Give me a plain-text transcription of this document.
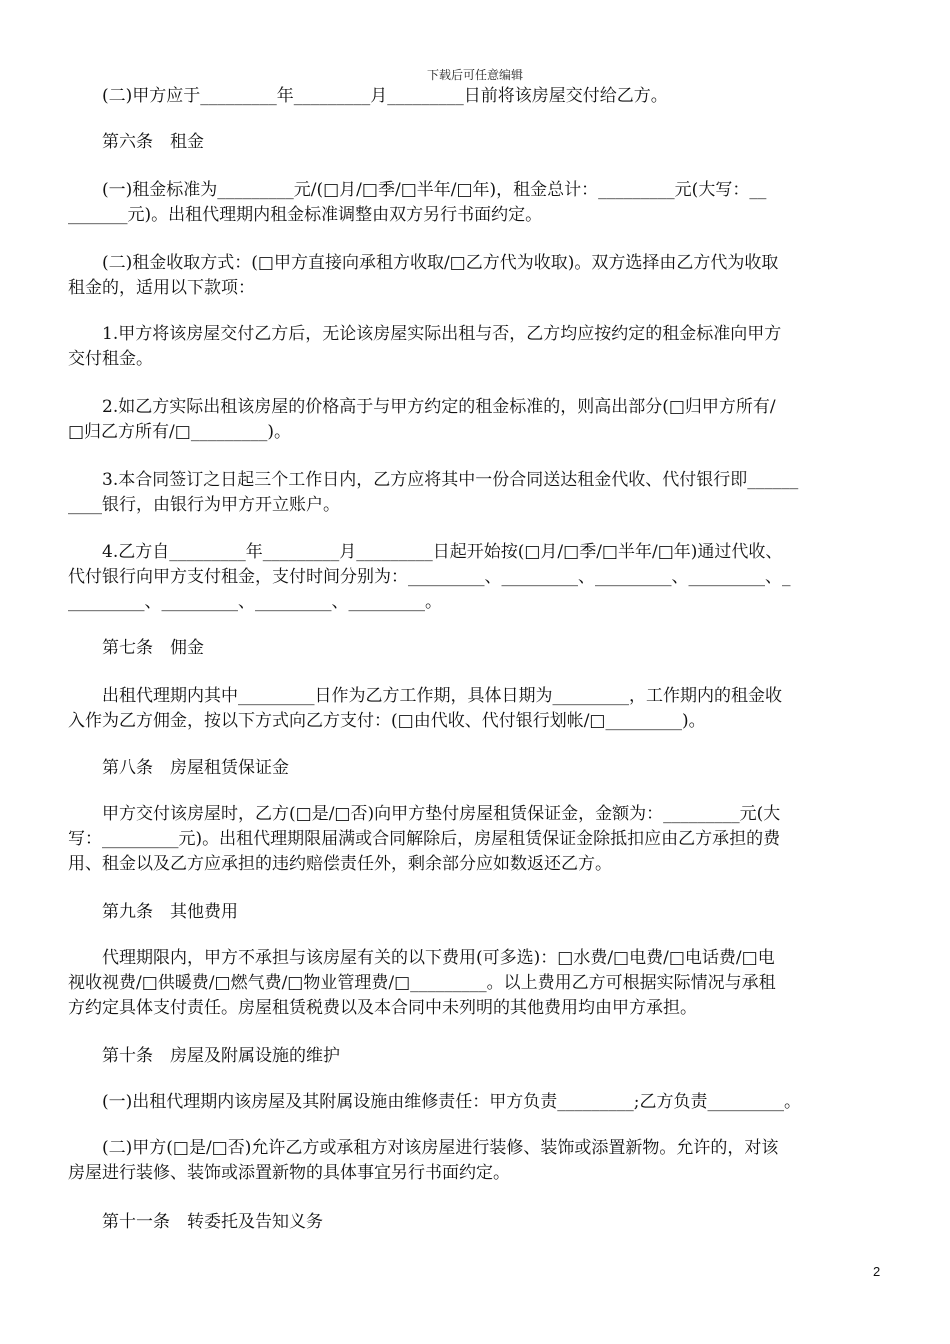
下载后可任意编辑
　　(二)甲方应于_________年_________月_________日前将该房屋交付给乙方。
　　第六条　租金
　　(一)租金标准为_________元/(□月/□季/□半年/□年)，租金总计：_________元(大写：__
_______元)。出租代理期内租金标准调整由双方另行书面约定。
　　(二)租金收取方式：(□甲方直接向承租方收取/□乙方代为收取)。双方选择由乙方代为收取
租金的，适用以下款项：
　　1.甲方将该房屋交付乙方后，无论该房屋实际出租与否，乙方均应按约定的租金标准向甲方
交付租金。
　　2.如乙方实际出租该房屋的价格高于与甲方约定的租金标准的，则高出部分(□归甲方所有/
□归乙方所有/□_________)。
　　3.本合同签订之日起三个工作日内，乙方应将其中一份合同送达租金代收、代付银行即______
____银行，由银行为甲方开立账户。
　　4.乙方自_________年_________月_________日起开始按(□月/□季/□半年/□年)通过代收、
代付银行向甲方支付租金，支付时间分别为：_________、_________、_________、_________、_
_________、_________、_________、_________。
　　第七条　佣金
　　出租代理期内其中_________日作为乙方工作期，具体日期为_________，工作期内的租金收
入作为乙方佣金，按以下方式向乙方支付：(□由代收、代付银行划帐/□_________)。
　　第八条　房屋租赁保证金
　　甲方交付该房屋时，乙方(□是/□否)向甲方垫付房屋租赁保证金，金额为：_________元(大
写：_________元)。出租代理期限届满或合同解除后，房屋租赁保证金除抵扣应由乙方承担的费
用、租金以及乙方应承担的违约赔偿责任外，剩余部分应如数返还乙方。
　　第九条　其他费用
　　代理期限内，甲方不承担与该房屋有关的以下费用(可多选)：□水费/□电费/□电话费/□电
视收视费/□供暖费/□燃气费/□物业管理费/□_________。以上费用乙方可根据实际情况与承租
方约定具体支付责任。房屋租赁税费以及本合同中未列明的其他费用均由甲方承担。
　　第十条　房屋及附属设施的维护
　　(一)出租代理期内该房屋及其附属设施由维修责任：甲方负责_________;乙方负责_________。
　　(二)甲方(□是/□否)允许乙方或承租方对该房屋进行装修、装饰或添置新物。允许的，对该
房屋进行装修、装饰或添置新物的具体事宜另行书面约定。
　　第十一条　转委托及告知义务
2
